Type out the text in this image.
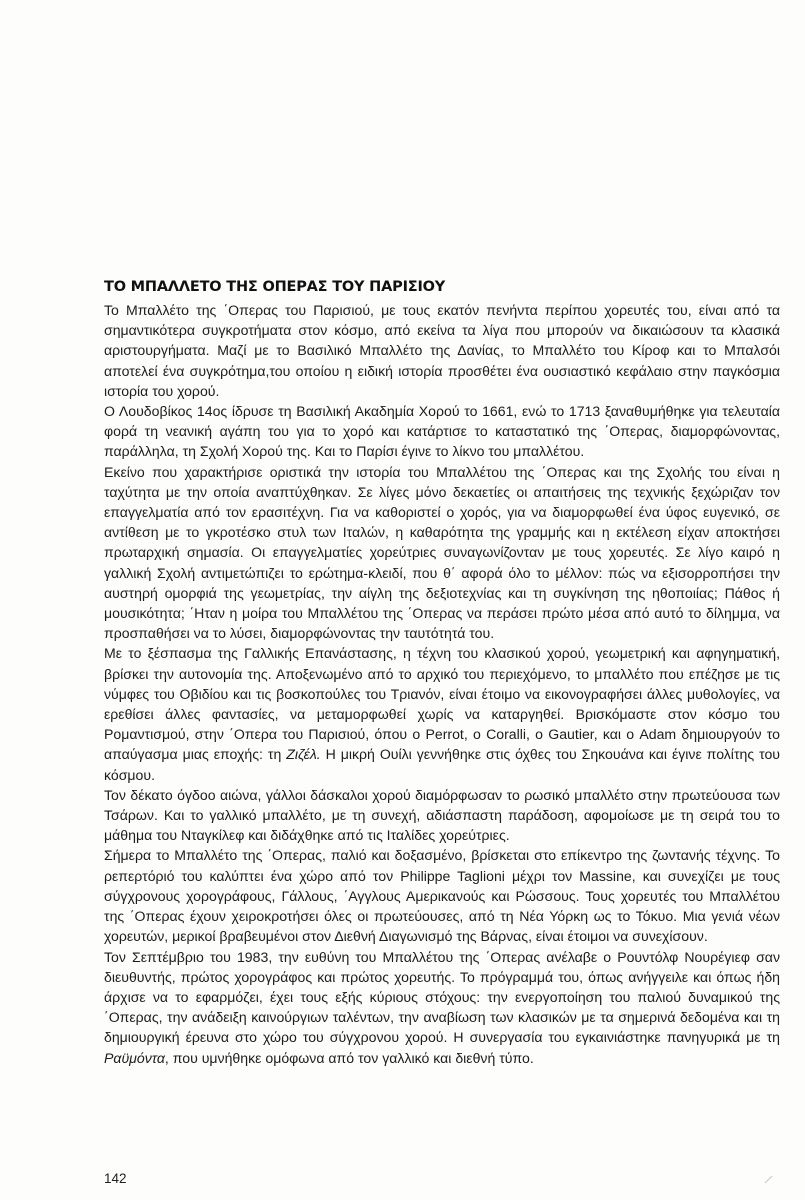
ΤΟ ΜΠΑΛΛΕΤΟ ΤΗΣ ΟΠΕΡΑΣ ΤΟΥ ΠΑΡΙΣΙΟΥ

Το Μπαλλέτο της ΄Οπερας του Παρισιού, με τους εκατόν πενήντα περίπου χορευτές του, είναι από τα σημαντικότερα συγκροτήματα στον κόσμο, από εκείνα τα λίγα που μπορούν να δικαιώσουν τα κλασικά αριστουργήματα. Μαζί με το Βασιλικό Μπαλλέτο της Δανίας, το Μπαλλέτο του Κίροφ και το Μπαλσόι αποτελεί ένα συγκρότημα,του οποίου η ειδική ιστορία προσθέτει ένα ουσιαστικό κεφάλαιο στην παγκόσμια ιστορία του χορού.

Ο Λουδοβίκος 14ος ίδρυσε τη Βασιλική Ακαδημία Χορού το 1661, ενώ το 1713 ξαναθυμήθηκε για τελευταία φορά τη νεανική αγάπη του για το χορό και κατάρτισε το καταστατικό της ΄Οπερας, διαμορφώνοντας, παράλληλα, τη Σχολή Χορού της. Και το Παρίσι έγινε το λίκνο του μπαλλέτου.

Εκείνο που χαρακτήρισε οριστικά την ιστορία του Μπαλλέτου της ΄Οπερας και της Σχολής του είναι η ταχύτητα με την οποία αναπτύχθηκαν. Σε λίγες μόνο δεκαετίες οι απαιτήσεις της τεχνικής ξεχώριζαν τον επαγγελματία από τον ερασιτέχνη. Για να καθοριστεί ο χορός, για να διαμορφωθεί ένα ύφος ευγενικό, σε αντίθεση με το γκροτέσκο στυλ των Ιταλών, η καθαρότητα της γραμμής και η εκτέλεση είχαν αποκτήσει πρωταρχική σημασία. Οι επαγγελματίες χορεύτριες συναγωνίζονταν με τους χορευτές. Σε λίγο καιρό η γαλλική Σχολή αντιμετώπιζει το ερώτημα-κλειδί, που θ΄ αφορά όλο το μέλλον: πώς να εξισορροπήσει την αυστηρή ομορφιά της γεωμετρίας, την αίγλη της δεξιοτεχνίας και τη συγκίνηση της ηθοποιίας; Πάθος ή μουσικότητα; ΄Ηταν η μοίρα του Μπαλλέτου της ΄Οπερας να περάσει πρώτο μέσα από αυτό το δίλημμα, να προσπαθήσει να το λύσει, διαμορφώνοντας την ταυτότητά του.

Με το ξέσπασμα της Γαλλικής Επανάστασης, η τέχνη του κλασικού χορού, γεωμετρική και αφηγηματική, βρίσκει την αυτονομία της. Αποξενωμένο από το αρχικό του περιεχόμενο, το μπαλλέτο που επέζησε με τις νύμφες του Οβιδίου και τις βοσκοπούλες του Τριανόν, είναι έτοιμο να εικονογραφήσει άλλες μυθολογίες, να ερεθίσει άλλες φαντασίες, να μεταμορφωθεί χωρίς να καταργηθεί. Βρισκόμαστε στον κόσμο του Ρομαντισμού, στην ΄Οπερα του Παρισιού, όπου ο Perrot, ο Coralli, ο Gautier, και ο Adam δημιουργούν το απαύγασμα μιας εποχής: τη Ζιζέλ. Η μικρή Ουίλι γεννήθηκε στις όχθες του Σηκουάνα και έγινε πολίτης του κόσμου.

Τον δέκατο όγδοο αιώνα, γάλλοι δάσκαλοι χορού διαμόρφωσαν το ρωσικό μπαλλέτο στην πρωτεύουσα των Τσάρων. Και το γαλλικό μπαλλέτο, με τη συνεχή, αδιάσπαστη παράδοση, αφομοίωσε με τη σειρά του το μάθημα του Νταγκίλεφ και διδάχθηκε από τις Ιταλίδες χορεύτριες.

Σήμερα το Μπαλλέτο της ΄Οπερας, παλιό και δοξασμένο, βρίσκεται στο επίκεντρο της ζωντανής τέχνης. Το ρεπερτόριό του καλύπτει ένα χώρο από τον Philippe Taglioni μέχρι τον Massine, και συνεχίζει με τους σύγχρονους χορογράφους, Γάλλους, ΄Αγγλους Αμερικανούς και Ρώσσους. Τους χορευτές του Μπαλλέτου της ΄Οπερας έχουν χειροκροτήσει όλες οι πρωτεύουσες, από τη Νέα Υόρκη ως το Τόκυο. Μια γενιά νέων χορευτών, μερικοί βραβευμένοι στον Διεθνή Διαγωνισμό της Βάρνας, είναι έτοιμοι να συνεχίσουν.

Τον Σεπτέμβριο του 1983, την ευθύνη του Μπαλλέτου της ΄Οπερας ανέλαβε ο Ρουντόλφ Νουρέγιεφ σαν διευθυντής, πρώτος χορογράφος και πρώτος χορευτής. Το πρόγραμμά του, όπως ανήγγειλε και όπως ήδη άρχισε να το εφαρμόζει, έχει τους εξής κύριους στόχους: την ενεργοποίηση του παλιού δυναμικού της ΄Οπερας, την ανάδειξη καινούργιων ταλέντων, την αναβίωση των κλασικών με τα σημερινά δεδομένα και τη δημιουργική έρευνα στο χώρο του σύγχρονου χορού. Η συνεργασία του εγκαινιάστηκε πανηγυρικά με τη Ραϋμόντα, που υμνήθηκε ομόφωνα από τον γαλλικό και διεθνή τύπο.

142
